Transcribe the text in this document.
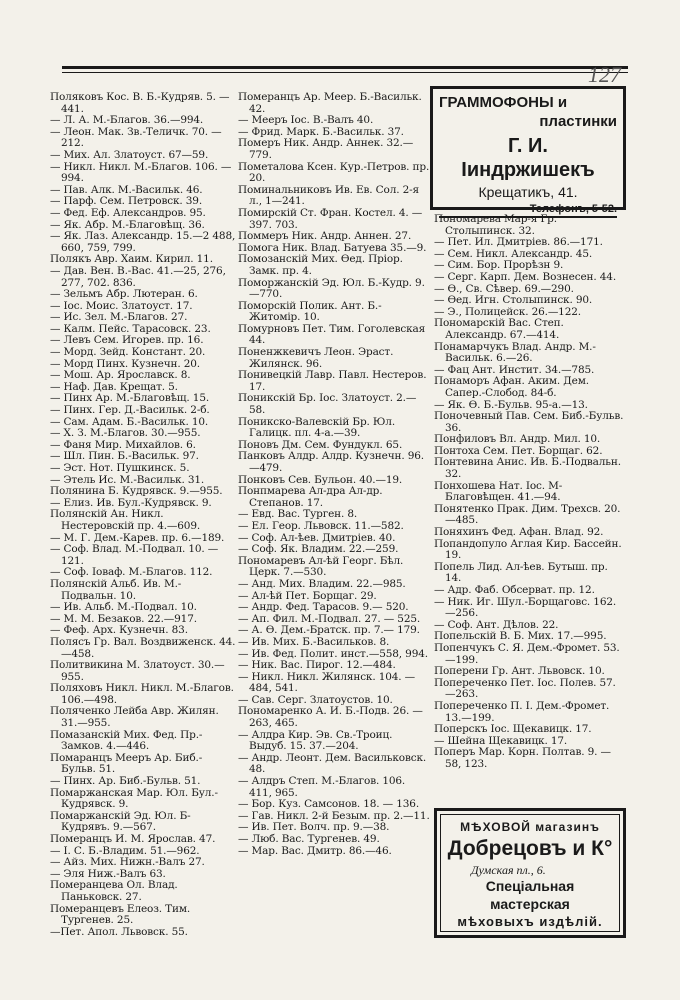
127
Поляковъ Кос. В. Б.-Кудряв. 5. —441.
— Л. А. М.-Благов. 36.—994.
— Леон. Мак. Зв.-Теличк. 70. —212.
— Мих. Ал. Златоуст. 67—59.
— Никл. Никл. М.-Благов. 106. —994.
— Пав. Алк. М.-Васильк. 46.
— Парф. Сем. Петровск. 39.
— Фед. Еф. Александров. 95.
— Як. Абр. М.-Благовѣщ. 36.
— Як. Лаз. Александр. 15.—2 488, 660, 759, 799.
Полякъ Авр. Хаим. Кирил. 11.
— Дав. Вен. В.-Вас. 41.—25, 276, 277, 702. 836.
— Зельмъ Абр. Лютеран. 6.
— Іос. Моис. Златоуст. 17.
— Ис. Зел. М.-Благов. 27.
— Калм. Пейс. Тарасовск. 23.
— Левъ Сем. Игорев. пр. 16.
— Морд. Зейд. Констант. 20.
— Морд Пинх. Кузнечн. 20.
— Мош. Ар. Ярославск. 8.
— Наф. Дав. Крещат. 5.
— Пинх Ар. М.-Благовѣщ. 15.
— Пинх. Гер. Д.-Васильк. 2-б.
— Сам. Адам. Б.-Васильк. 10.
— Х. З. М.-Благов. 30.—955.
— Фаня Мир. Михайлов. 6.
— Шл. Пин. Б.-Васильк. 97.
— Эст. Нот. Пушкинск. 5.
— Этель Ис. М.-Васильк. 31.
Полянина Б. Кудрявск. 9.—955.
— Елиз. Ив. Бул.-Кудрявск. 9.
Полянскій Ан. Никл. Нестеровскій пр. 4.—609.
— М. Г. Дем.-Карев. пр. 6.—189.
— Соф. Влад. М.-Подвал. 10. —121.
— Соф. Іоваф. М.-Благов. 112.
Полянскій Альб. Ив. М.-Подвальн. 10.
— Ив. Альб. М.-Подвал. 10.
— М. М. Безаков. 22.—917.
— Феф. Арх. Кузнечн. 83.
Полясъ Гр. Вал. Воздвиженск. 44.—458.
Политвикина М. Златоуст. 30.—955.
Поляховъ Никл. Никл. М.-Благов. 106.—498.
Поляченко Лейба Авр. Жилян. 31.—955.
Помазанскій Мих. Фед. Пр.-Замков. 4.—446.
Помаранцъ Мееръ Ар. Биб.-Бульв. 51.
— Пинх. Ар. Биб.-Бульв. 51.
Помаржанская Мар. Юл. Бул.-Кудрявск. 9.
Помаржанскій Эд. Юл. Б-Кудрявъ. 9.—567.
Померанцъ И. М. Ярослав. 47.
— І. С. Б.-Владим. 51.—962.
— Айз. Мих. Нижн.-Валъ 27.
— Эля Ниж.-Валъ 63.
Померанцева Ол. Влад. Паньковск. 27.
Померанцевъ Елеоз. Тим. Тургенев. 25.
—Пет. Апол. Львовск. 55.
Померанцъ Ар. Меер. Б.-Васильк. 42.
— Мееръ Іос. В.-Валъ 40.
— Фрид. Марк. Б.-Васильк. 37.
Померъ Ник. Андр. Аннек. 32.—779.
Пометалова Ксен. Кур.-Петров. пр. 20.
Поминальниковъ Ив. Ев. Сол. 2-я л., 1—241.
Помирскій Ст. Фран. Костел. 4. —397. 703.
Поммеръ Ник. Андр. Аннен. 27.
Помога Ник. Влад. Батуева 35.—9.
Помозанскій Мих. Ѳед. Пріор. Замк. пр. 4.
Поморжанскій Эд. Юл. Б.-Кудр. 9.—770.
Поморскій Полик. Ант. Б.-Житомір. 10.
Помурновъ Пет. Тим. Гоголевская 44.
Поненжкевичъ Леон. Эраст. Жилянск. 96.
Понивецкій Лавр. Павл. Нестеров. 17.
Поникскій Бр. Іос. Златоуст. 2.— 58.
Поникско-Валевскій Бр. Юл. Галицк. пл. 4-а.—39.
Поновъ Дм. Сем. Фундукл. 65.
Панковъ Алдр. Алдр. Кузнечн. 96.—479.
Понковъ Сев. Бульон. 40.—19.
Понпмарева Ал-дра Ал-др. Степанов. 17.
— Евд. Вас. Турген. 8.
— Ел. Геор. Львовск. 11.—582.
— Соф. Ал-ѣев. Дмитріев. 40.
— Соф. Як. Владим. 22.—259.
Пономаревъ Ал-ѣй Георг. Бѣл. Церк. 7.—530.
— Анд. Мих. Владим. 22.—985.
— Ал-ѣй Пет. Борщаг. 29.
— Андр. Фед. Тарасов. 9.— 520.
— Ап. Фил. М.-Подвал. 27. — 525.
— А. Ѳ. Дем.-Братск. пр. 7.— 179.
— Ив. Мих. Б.-Васильков. 8.
— Ив. Фед. Полит. инст.—558, 994.
— Ник. Вас. Пирог. 12.—484.
— Никл. Никл. Жилянск. 104. —484, 541.
— Сав. Серг. Златоустов. 10.
Пономаренко А. И. Б.-Подв. 26. —263, 465.
— Алдра Кир. Эв. Св.-Троиц. Выдуб. 15. 37.—204.
— Андр. Леонт. Дем. Васильковск. 48.
— Алдръ Степ. М.-Благов. 106. 411, 965.
— Бор. Куз. Самсонов. 18. — 136.
— Гав. Никл. 2-й Безым. пр. 2.—11.
— Ив. Пет. Волч. пр. 9.—38.
— Люб. Вас. Тургенев. 49.
— Мар. Вас. Дмитр. 86.—46.
Пономарева Мар-я Гр. Столыпинск. 32.
— Пет. Ил. Дмитріев. 86.—171.
— Сем. Никл. Александр. 45.
— Сим. Бор. Прорѣзн 9.
— Серг. Карп. Дем. Вознесен. 44.
— Ѳ., Св. Сѣвер. 69.—290.
— Ѳед. Игн. Столыпинск. 90.
— Э., Полицейск. 26.—122.
Пономарскій Вас. Степ. Александр. 67.—414.
Понамарчукъ Влад. Андр. М.-Васильк. 6.—26.
— Фац Ант. Инстит. 34.—785.
Понаморъ Афан. Аким. Дем. Сапер.-Слобод. 84-б.
— Як. Ѳ. Б.-Бульв. 95-а.—13.
Поночевный Пав. Сем. Биб.-Бульв. 36.
Понфиловъ Вл. Андр. Мил. 10.
Понтоха Сем. Пет. Борщаг. 62.
Понтевина Анис. Ив. Б.-Подвальн. 32.
Понхошева Нат. Іос. М-Благовѣщен. 41.—94.
Понятенко Прак. Дим. Трехсв. 20.—485.
Поняхинъ Фед. Афан. Влад. 92.
Попандопуло Аглая Кир. Бассейн. 19.
Попель Лид. Ал-ѣев. Бутыш. пр. 14.
— Адр. Фаб. Обсерват. пр. 12.
— Ник. Иг. Шул.-Борщаговс. 162.—256.
— Соф. Ант. Дѣлов. 22.
Попельскій В. Б. Мих. 17.—995.
Попенчукъ С. Я. Дем.-Фромет. 53.—199.
Поперени Гр. Ант. Львовск. 10.
Попереченко Пет. Іос. Полев. 57.—263.
Попереченко П. І. Дем.-Фромет. 13.—199.
Поперскъ Іос. Щекавицк. 17.
— Шейна Щекавицк. 17.
Поперъ Мар. Корн. Полтав. 9. —58, 123.
ГРАММОФОНЫ и
пластинки
Г. И. Іиндржишекъ
Крещатикъ, 41.
Телефонъ, 5-52.
МѢХОВОЙ магазинъ
Добрецовъ и К°
Думская пл., 6.
Спеціальная мастерская
мѣховыхъ издѣлій.
